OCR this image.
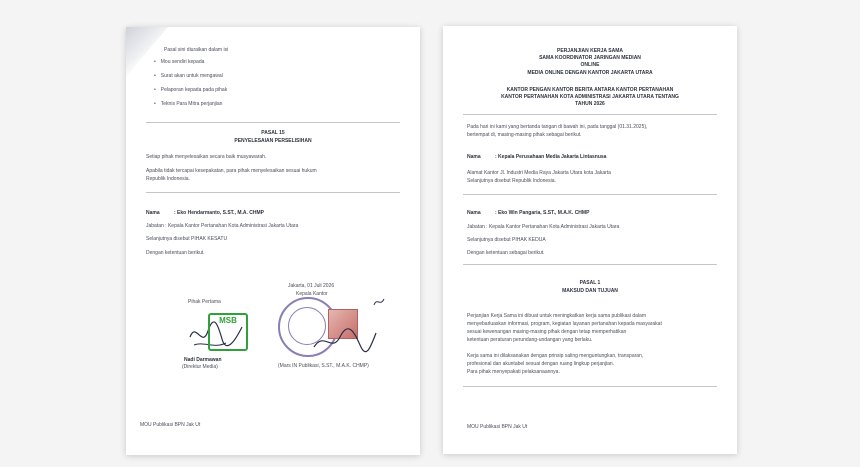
Pasal sini diuraikan dalam isi
• Mou sendiri kepada
• Surat akan untuk mengawal
• Pelaporan kepada pada pihak
• Teknis Para Mitra perjanjian
PASAL 15
PENYELESAIAN PERSELISIHAN
Setiap pihak menyelesaikan secara baik musyawarah.
Apabila tidak tercapai kesepakatan, para pihak menyelesaikan sesuai hukum
Republik Indonesia.
Nama	: Eko Hendarmanto, S.ST., M.A. CHMP
Jabatan : Kepala Kantor Pertanahan Kota Administrasi Jakarta Utara
Selanjutnya disebut PIHAK KESATU
Dengan ketentuan berikut.
Jakarta, 01 Juli 2026
Kepala Kantor
Pihak Pertama
MSB
Nadi Darmawan
(Direktur Media)	(Mars IN Publikasi, S.ST., M.A.K. CHMP)
MOU Publikasi BPN Jak Ut
PERJANJIAN KERJA SAMA
SAMA KOORDINATOR JARINGAN MEDIAN
ONLINE
MEDIA ONLINE DENGAN KANTOR JAKARTA UTARA
KANTOR PENGAN KANTOR BERITA ANTARA KANTOR PERTANAHAN
KANTOR PERTANAHAN KOTA ADMINISTRASI JAKARTA UTARA TENTANG
TAHUN 2026
Pada hari ini kami yang bertanda tangan di bawah ini, pada tanggal (01.31.2025),
bertempat di, masing-masing pihak sebagai berikut.
Nama	: Kepala Perusahaan Media Jakarta Lintasnusa
Alamat Kantor Jl. Industri Media Raya Jakarta Utara kota Jakarta
Selanjutnya disebut Republik Indonesia.
Nama	: Eko Win Pangaria, S.ST., M.A.K. CHMP
Jabatan : Kepala Kantor Pertanahan Kota Administrasi Jakarta Utara
Selanjutnya disebut PIHAK KEDUA
Dengan ketentuan sebagai berikut.
PASAL 1
MAKSUD DAN TUJUAN
Perjanjian Kerja Sama ini dibuat untuk meningkatkan kerja sama publikasi dalam
menyebarluaskan informasi, program, kegiatan layanan pertanahan kepada masyarakat
sesuai kewenangan masing-masing pihak dengan tetap memperhatikan
ketentuan peraturan perundang-undangan yang berlaku.
Kerja sama ini dilaksanakan dengan prinsip saling menguntungkan, transparan,
profesional dan akuntabel sesuai dengan ruang lingkup perjanjian.
Para pihak menyepakati pelaksanaannya.
MOU Publikasi BPN Jak Ut
